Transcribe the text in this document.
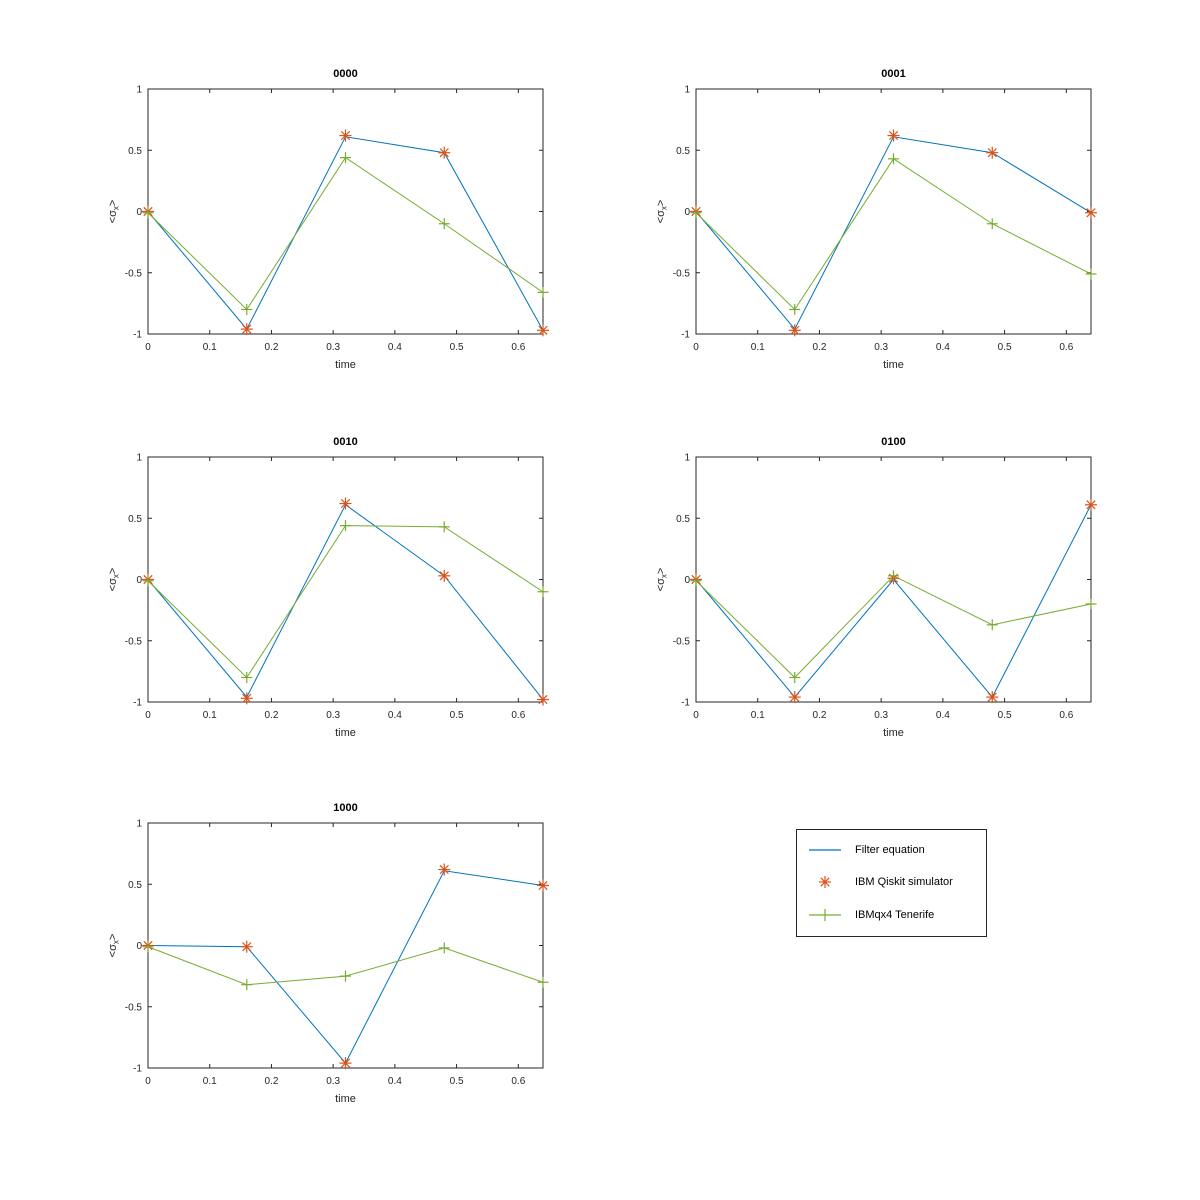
0	0.1	0.2	0.3	0.4	0.5	0.6
-1
-0.5
0
0.5
1
0000
time
$<\sigma_x>$
0	0.1	0.2	0.3	0.4	0.5	0.6
-1
-0.5
0
0.5
1
0001
time
$<\sigma_x>$
0	0.1	0.2	0.3	0.4	0.5	0.6
-1
-0.5
0
0.5
1
0010
time
$<\sigma_x>$
0	0.1	0.2	0.3	0.4	0.5	0.6
-1
-0.5
0
0.5
1
0100
time
$<\sigma_x>$
0	0.1	0.2	0.3	0.4	0.5	0.6
-1
-0.5
0
0.5
1
1000
time
$<\sigma_x>$
Filter equation
IBM Qiskit simulator
IBMqx4 Tenerife
